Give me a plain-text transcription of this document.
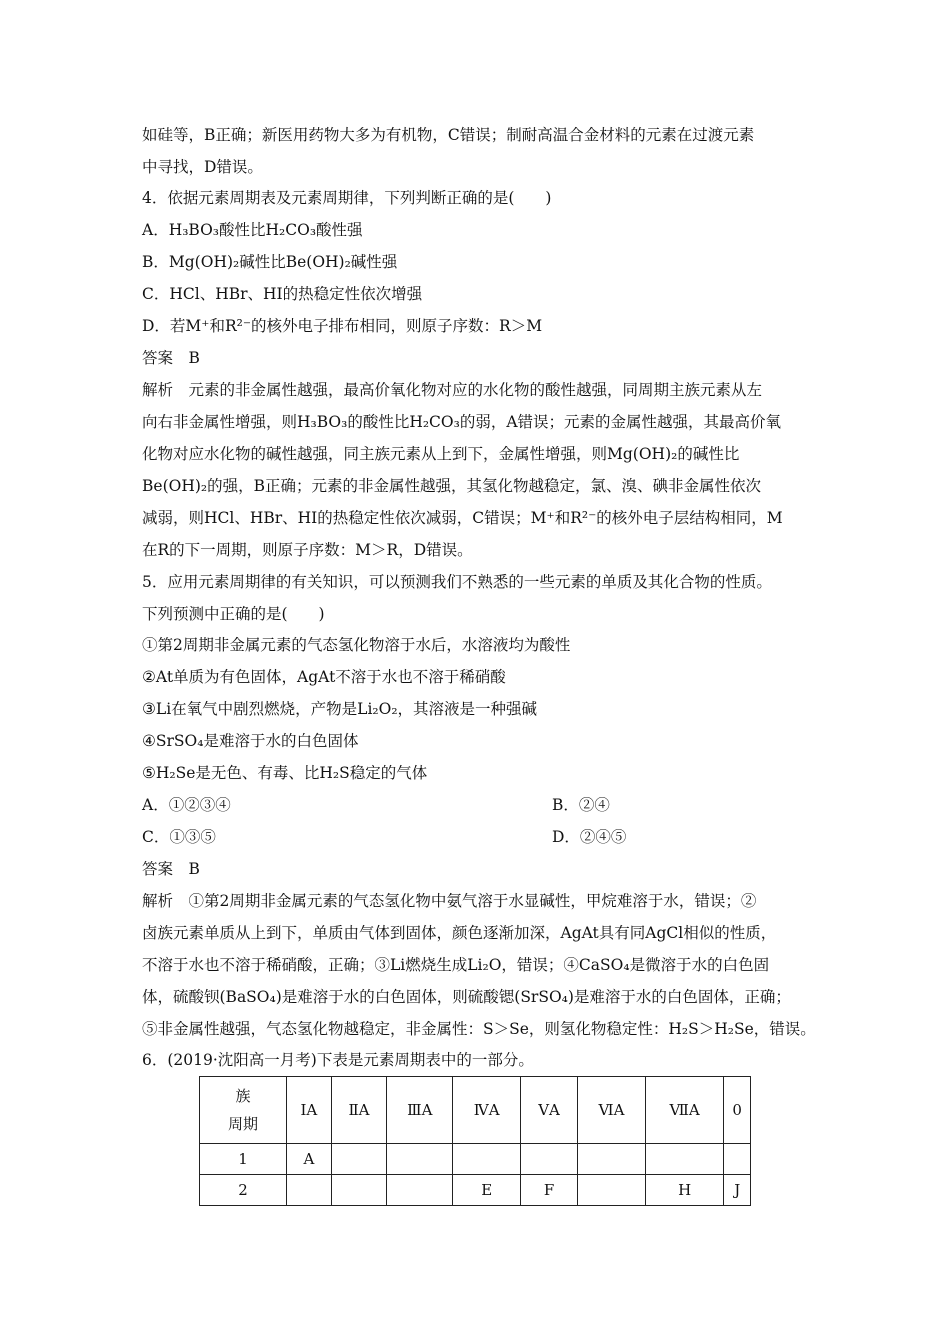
如硅等，B正确；新医用药物大多为有机物，C错误；制耐高温合金材料的元素在过渡元素
中寻找，D错误。
4．依据元素周期表及元素周期律，下列判断正确的是(　　)
A．H₃BO₃酸性比H₂CO₃酸性强
B．Mg(OH)₂碱性比Be(OH)₂碱性强
C．HCl、HBr、HI的热稳定性依次增强
D．若M⁺和R²⁻的核外电子排布相同，则原子序数：R＞M
答案　B
解析　元素的非金属性越强，最高价氧化物对应的水化物的酸性越强，同周期主族元素从左
向右非金属性增强，则H₃BO₃的酸性比H₂CO₃的弱，A错误；元素的金属性越强，其最高价氧
化物对应水化物的碱性越强，同主族元素从上到下，金属性增强，则Mg(OH)₂的碱性比
Be(OH)₂的强，B正确；元素的非金属性越强，其氢化物越稳定，氯、溴、碘非金属性依次
减弱，则HCl、HBr、HI的热稳定性依次减弱，C错误；M⁺和R²⁻的核外电子层结构相同，M
在R的下一周期，则原子序数：M＞R，D错误。
5．应用元素周期律的有关知识，可以预测我们不熟悉的一些元素的单质及其化合物的性质。
下列预测中正确的是(　　)
①第2周期非金属元素的气态氢化物溶于水后，水溶液均为酸性
②At单质为有色固体，AgAt不溶于水也不溶于稀硝酸
③Li在氧气中剧烈燃烧，产物是Li₂O₂，其溶液是一种强碱
④SrSO₄是难溶于水的白色固体
⑤H₂Se是无色、有毒、比H₂S稳定的气体
A．①②③④	B．②④
C．①③⑤	D．②④⑤
答案　B
解析　①第2周期非金属元素的气态氢化物中氨气溶于水显碱性，甲烷难溶于水，错误；②
卤族元素单质从上到下，单质由气体到固体，颜色逐渐加深，AgAt具有同AgCl相似的性质，
不溶于水也不溶于稀硝酸，正确；③Li燃烧生成Li₂O，错误；④CaSO₄是微溶于水的白色固
体，硫酸钡(BaSO₄)是难溶于水的白色固体，则硫酸锶(SrSO₄)是难溶于水的白色固体，正确；
⑤非金属性越强，气态氢化物越稳定，非金属性：S＞Se，则氢化物稳定性：H₂S＞H₂Se，错误。
6．(2019·沈阳高一月考)下表是元素周期表中的一部分。
族
周期	ⅠA	ⅡA	ⅢA	ⅣA	ⅤA	ⅥA	ⅦA	0
1	A							
2				E	F		H	J
